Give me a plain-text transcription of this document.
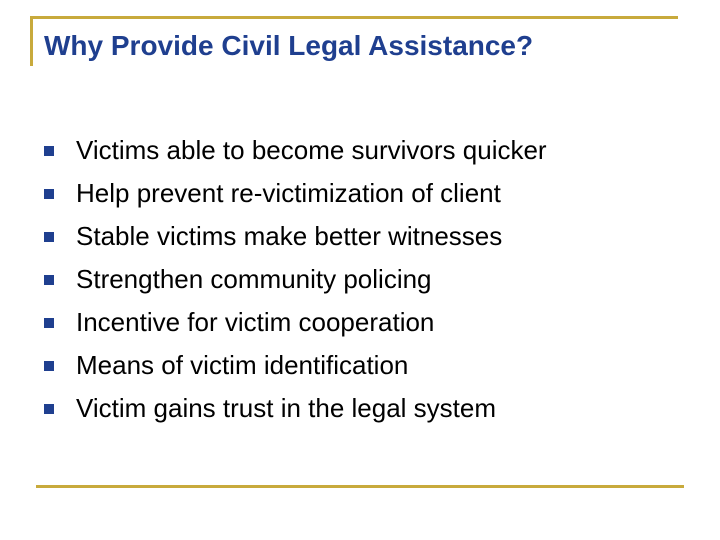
Why Provide Civil Legal Assistance?
Victims able to become survivors quicker
Help prevent re-victimization of client
Stable victims make better witnesses
Strengthen community policing
Incentive for victim cooperation
Means of victim identification
Victim gains trust in the legal system
